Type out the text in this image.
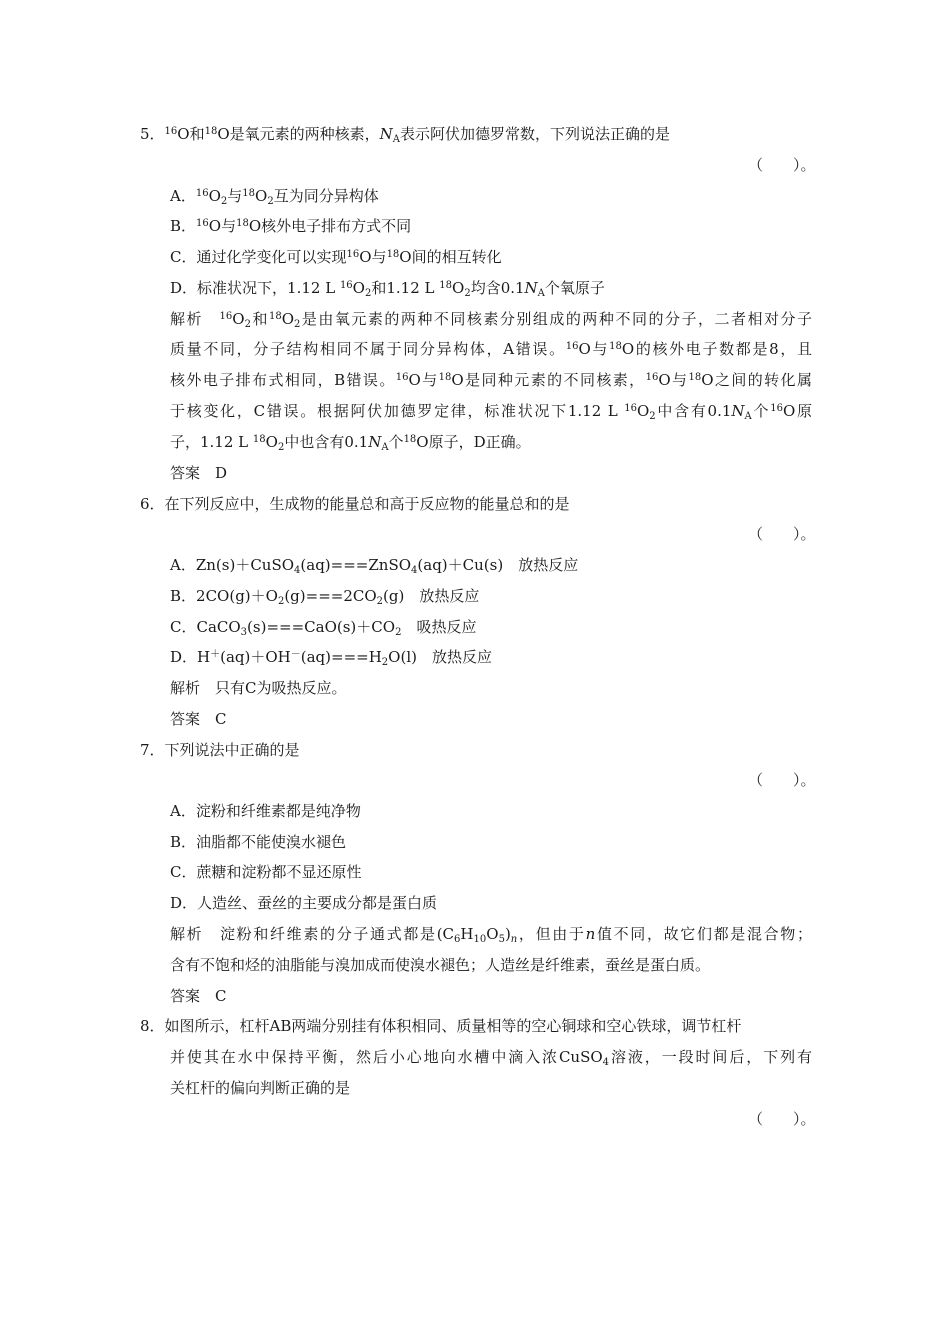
5．$^{16}$O和$^{18}$O是氧元素的两种核素，$N_A$表示阿伏加德罗常数，下列说法正确的是
（　　）。
A．$^{16}O_2$与$^{18}O_2$互为同分异构体
B．$^{16}$O与$^{18}$O核外电子排布方式不同
C．通过化学变化可以实现$^{16}$O与$^{18}$O间的相互转化
D．标准状况下，1.12 L $^{16}O_2$和1.12 L $^{18}O_2$均含$0.1N_A$个氧原子
解析　$^{16}O_2$和$^{18}O_2$是由氧元素的两种不同核素分别组成的两种不同的分子，二者相对分子
质量不同，分子结构相同不属于同分异构体，A错误。$^{16}$O与$^{18}$O的核外电子数都是8，且
核外电子排布式相同，B错误。$^{16}$O与$^{18}$O是同种元素的不同核素，$^{16}$O与$^{18}$O之间的转化属
于核变化，C错误。根据阿伏加德罗定律，标准状况下1.12 L $^{16}O_2$中含有$0.1N_A$个$^{16}$O原
子，1.12 L $^{18}O_2$中也含有$0.1N_A$个$^{18}$O原子，D正确。
答案　D
6．在下列反应中，生成物的能量总和高于反应物的能量总和的是
（　　）。
A．Zn(s)＋CuSO$_4$(aq)===ZnSO$_4$(aq)＋Cu(s)　放热反应
B．$2CO(g)+O_2(g)===2CO_2(g)$　放热反应
C．$CaCO_3(s)===CaO(s)+CO_2$　吸热反应
D．$H^+(aq)+OH^-(aq)===H_2O(l)$　放热反应
解析　只有C为吸热反应。
答案　C
7．下列说法中正确的是
（　　）。
A．淀粉和纤维素都是纯净物
B．油脂都不能使溴水褪色
C．蔗糖和淀粉都不显还原性
D．人造丝、蚕丝的主要成分都是蛋白质
解析　淀粉和纤维素的分子通式都是$(C_6H_{10}O_5)_n$，但由于n值不同，故它们都是混合物；
含有不饱和烃的油脂能与溴加成而使溴水褪色；人造丝是纤维素，蚕丝是蛋白质。
答案　C
8．如图所示，杠杆AB两端分别挂有体积相同、质量相等的空心铜球和空心铁球，调节杠杆
并使其在水中保持平衡，然后小心地向水槽中滴入浓CuSO$_4$溶液，一段时间后，下列有
关杠杆的偏向判断正确的是
（　　）。
